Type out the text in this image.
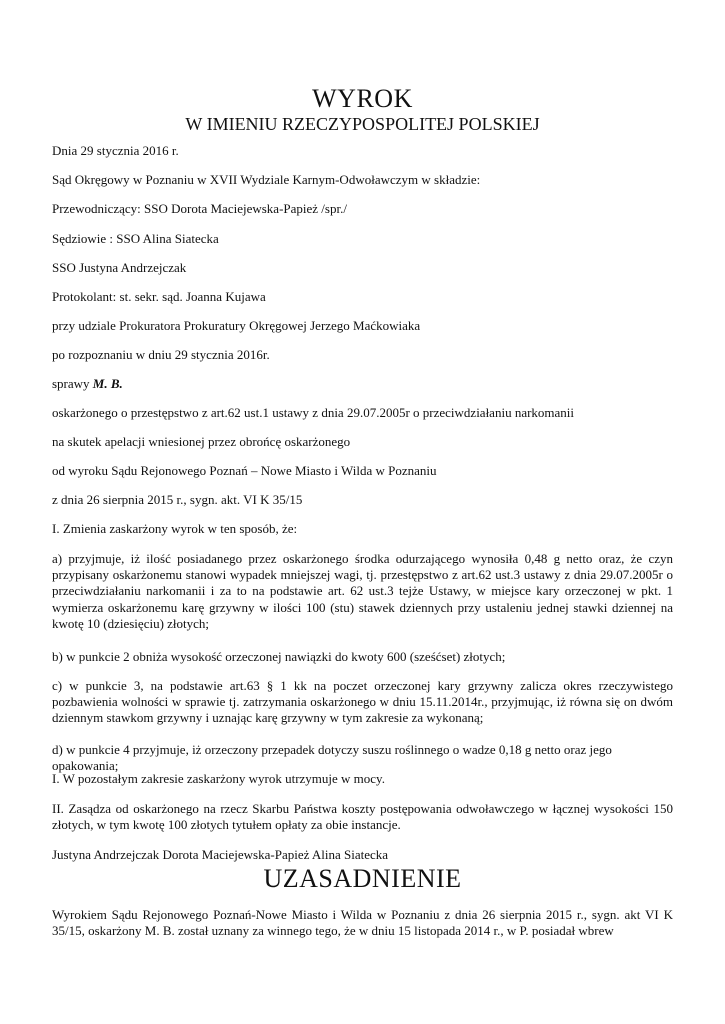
WYROK
W IMIENIU RZECZYPOSPOLITEJ POLSKIEJ

Dnia 29 stycznia 2016 r.

Sąd Okręgowy w Poznaniu w XVII Wydziale Karnym-Odwoławczym w składzie:

Przewodniczący: SSO Dorota Maciejewska-Papież /spr./

Sędziowie : SSO Alina Siatecka

SSO Justyna Andrzejczak

Protokolant: st. sekr. sąd. Joanna Kujawa

przy udziale Prokuratora Prokuratury Okręgowej Jerzego Maćkowiaka

po rozpoznaniu w dniu 29 stycznia 2016r.

sprawy M. B.

oskarżonego o przestępstwo z art.62 ust.1 ustawy z dnia 29.07.2005r o przeciwdziałaniu narkomanii

na skutek apelacji wniesionej przez obrońcę oskarżonego

od wyroku Sądu Rejonowego Poznań – Nowe Miasto i Wilda w Poznaniu

z dnia 26 sierpnia 2015 r., sygn. akt. VI K 35/15

I. Zmienia zaskarżony wyrok w ten sposób, że:

a) przyjmuje, iż ilość posiadanego przez oskarżonego środka odurzającego wynosiła 0,48 g netto oraz, że czyn przypisany oskarżonemu stanowi wypadek mniejszej wagi, tj. przestępstwo z art.62 ust.3 ustawy z dnia 29.07.2005r o przeciwdziałaniu narkomanii i za to na podstawie art. 62 ust.3 tejże Ustawy, w miejsce kary orzeczonej w pkt. 1 wymierza oskarżonemu karę grzywny w ilości 100 (stu) stawek dziennych przy ustaleniu jednej stawki dziennej na kwotę 10 (dziesięciu) złotych;

b) w punkcie 2 obniża wysokość orzeczonej nawiązki do kwoty 600 (sześćset) złotych;

c) w punkcie 3, na podstawie art.63 § 1 kk na poczet orzeczonej kary grzywny zalicza okres rzeczywistego pozbawienia wolności w sprawie tj. zatrzymania oskarżonego w dniu 15.11.2014r., przyjmując, iż równa się on dwóm dziennym stawkom grzywny i uznając karę grzywny w tym zakresie za wykonaną;

d) w punkcie 4 przyjmuje, iż orzeczony przepadek dotyczy suszu roślinnego o wadze 0,18 g netto oraz jego opakowania;

I. W pozostałym zakresie zaskarżony wyrok utrzymuje w mocy.

II. Zasądza od oskarżonego na rzecz Skarbu Państwa koszty postępowania odwoławczego w łącznej wysokości 150 złotych, w tym kwotę 100 złotych tytułem opłaty za obie instancje.

Justyna Andrzejczak Dorota Maciejewska-Papież Alina Siatecka

UZASADNIENIE

Wyrokiem Sądu Rejonowego Poznań-Nowe Miasto i Wilda w Poznaniu z dnia 26 sierpnia 2015 r., sygn. akt VI K 35/15, oskarżony M. B. został uznany za winnego tego, że w dniu 15 listopada 2014 r., w P. posiadał wbrew
